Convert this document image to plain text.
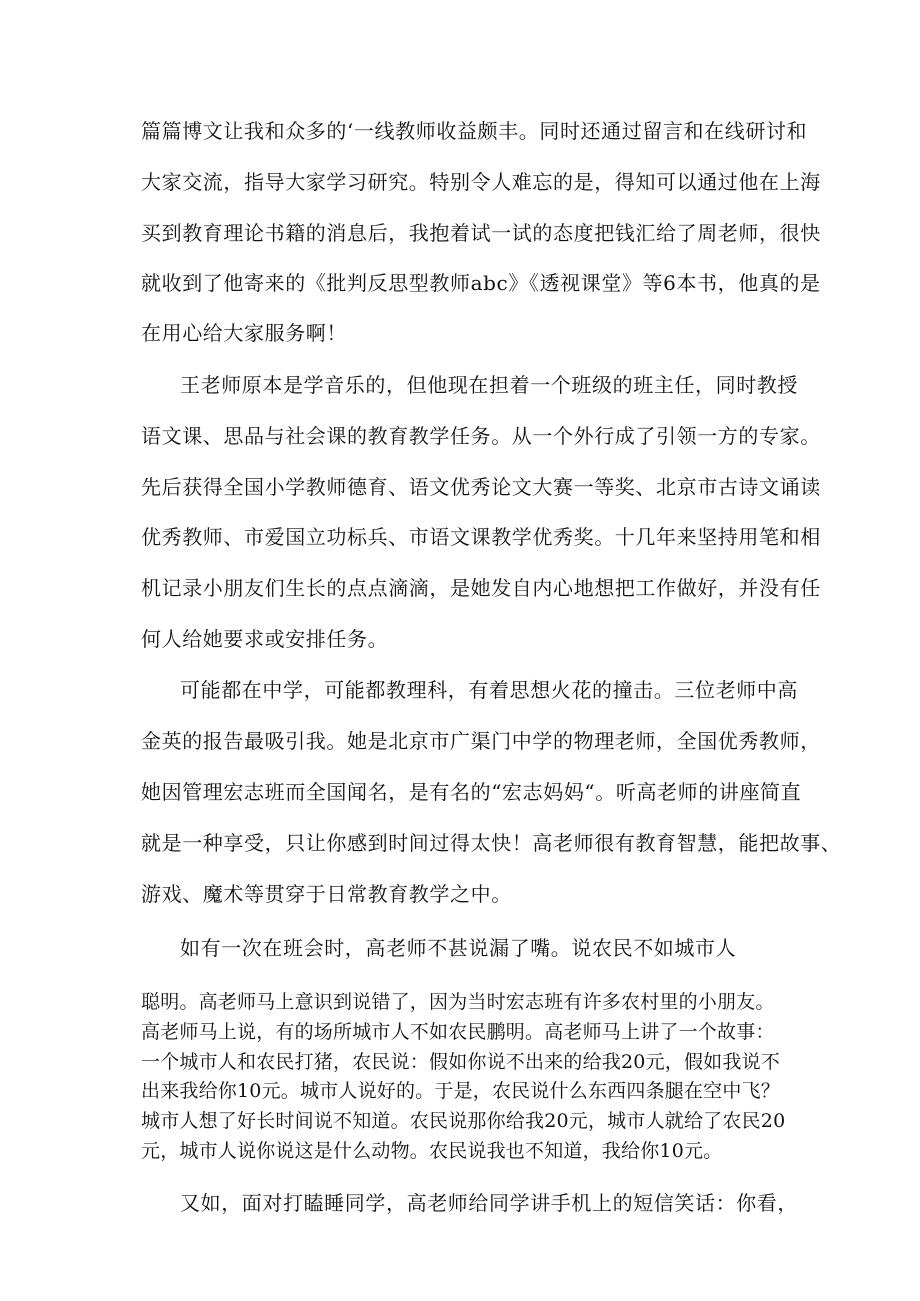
篇篇博文让我和众多的‘一线教师收益颇丰。同时还通过留言和在线研讨和
大家交流，指导大家学习研究。特别令人难忘的是，得知可以通过他在上海
买到教育理论书籍的消息后，我抱着试一试的态度把钱汇给了周老师，很快
就收到了他寄来的《批判反思型教师abc》《透视课堂》等6本书，他真的是
在用心给大家服务啊！
王老师原本是学音乐的，但他现在担着一个班级的班主任，同时教授
语文课、思品与社会课的教育教学任务。从一个外行成了引领一方的专家。
先后获得全国小学教师德育、语文优秀论文大赛一等奖、北京市古诗文诵读
优秀教师、市爱国立功标兵、市语文课教学优秀奖。十几年来坚持用笔和相
机记录小朋友们生长的点点滴滴，是她发自内心地想把工作做好，并没有任
何人给她要求或安排任务。
可能都在中学，可能都教理科，有着思想火花的撞击。三位老师中高
金英的报告最吸引我。她是北京市广渠门中学的物理老师，全国优秀教师，
她因管理宏志班而全国闻名，是有名的“宏志妈妈“。听高老师的讲座简直
就是一种享受，只让你感到时间过得太快！高老师很有教育智慧，能把故事、
游戏、魔术等贯穿于日常教育教学之中。
如有一次在班会时，高老师不甚说漏了嘴。说农民不如城市人
聪明。高老师马上意识到说错了，因为当时宏志班有许多农村里的小朋友。
高老师马上说，有的场所城市人不如农民鹏明。高老师马上讲了一个故事：
一个城市人和农民打猪，农民说：假如你说不出来的给我20元，假如我说不
出来我给你10元。城市人说好的。于是，农民说什么东西四条腿在空中飞？
城市人想了好长时间说不知道。农民说那你给我20元，城市人就给了农民20
元，城市人说你说这是什么动物。农民说我也不知道，我给你10元。
又如，面对打瞌睡同学，高老师给同学讲手机上的短信笑话：你看，
